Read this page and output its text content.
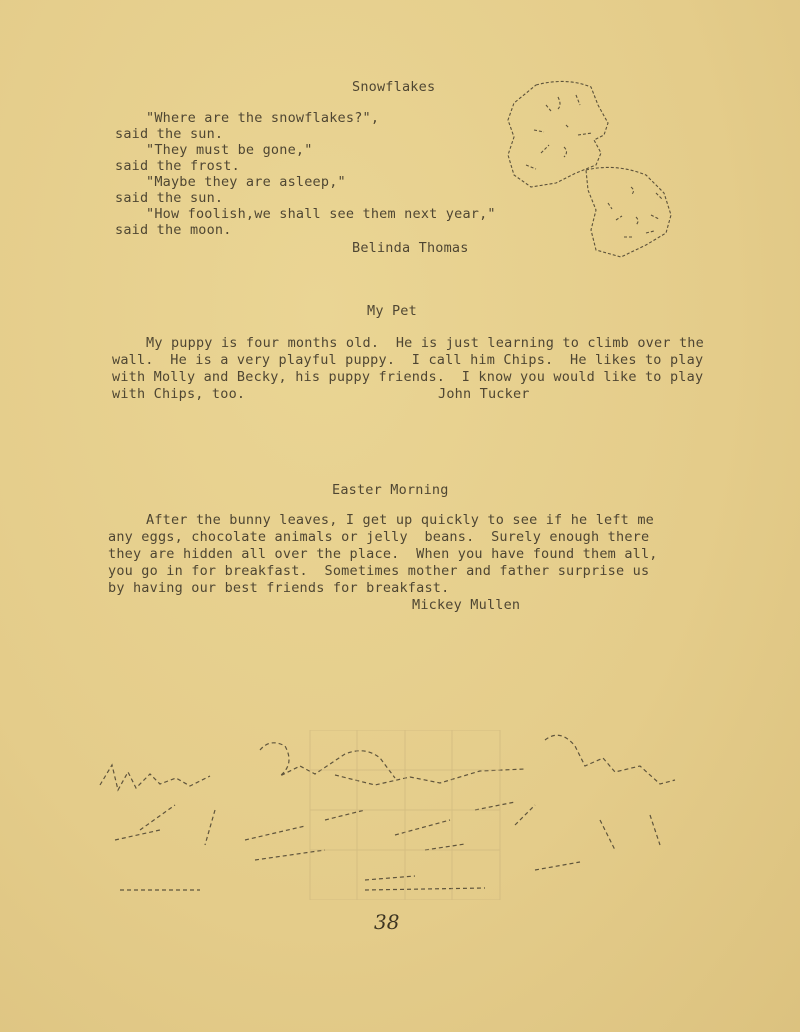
Snowflakes
"Where are the snowflakes?",
said the sun.
"They must be gone,"
said the frost.
"Maybe they are asleep,"
said the sun.
"How foolish,we shall see them next year,"
said the moon.
Belinda Thomas
My Pet
My puppy is four months old.  He is just learning to climb over the
wall.  He is a very playful puppy.  I call him Chips.  He likes to play
with Molly and Becky, his puppy friends.  I know you would like to play
with Chips, too.	John Tucker
Easter Morning
After the bunny leaves, I get up quickly to see if he left me
any eggs, chocolate animals or jelly  beans.  Surely enough there
they are hidden all over the place.  When you have found them all,
you go in for breakfast.  Sometimes mother and father surprise us
by having our best friends for breakfast.
Mickey Mullen
38
